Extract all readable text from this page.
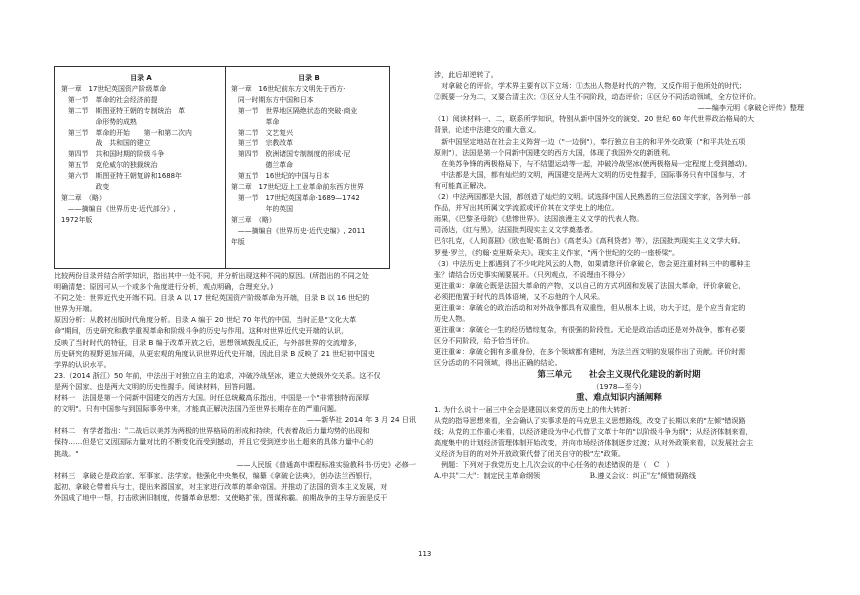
目录 A
第一章　17世纪英国资产阶级革命
　第一节　革命的社会经济前提
　第二节　斯图亚特王朝的专制统治　革
　　　　　命形势的成熟
　第三节　革命的开始　　第一和第二次内
　　　　　战　共和国的建立
　第四节　共和国时期的阶级斗争
　第五节　克伦威尔的独裁统治
　第六节　斯图亚特王朝复辟和1688年
　　　　　政变
第二章　（略）
　——摘编自《世界历史·近代部分》,
1972年版
目录 B
第一章　16世纪前东方文明先于西方·
　同一时期东方中国和日本
　第一节　世界地区隔绝状态的突破·商业
　　　　　革命
　第二节　文艺复兴
　第三节　宗教改革
　第四节　欧洲诸国专制制度的形成·尼
　　　　　德兰革命
　第五节　16世纪的中国与日本
第二章　17世纪迈上工业革命前东西方世界
　第一节　17世纪英国革命·1689—1742
　　　　　年的英国
第三章　（略）
　——摘编自《世界历史·近代史编》, 2011
年版
比较两份目录并结合所学知识，指出其中一处不同，并分析出现这种不同的原因。(所指出的不同之处
明确清楚；原因可从一个或多个角度进行分析，观点明确，合理充分。)
不同之处：世界近代史开端不同。目录 A 以 17 世纪英国资产阶级革命为开端，目录 B 以 16 世纪的
世界为开端。
原因分析：从教材出版时代角度分析。目录 A 编于 20 世纪 70 年代的中国，当时正是"文化大革
命"期间，历史研究和教学重视革命和阶级斗争的历史与作用。这种对世界近代史开端的认识，
反映了当时时代的特征，目录 B 编于改革开放之后，思想领域拨乱反正，与外部世界的交流增多，
历史研究的视野更加开阔，从更宏观的角度认识世界近代史开端，因此目录 B 反映了 21 世纪初中国史
学界的认识水平。
23.（2014 浙江）50 年前，中法出于对独立自主的追求，冲破冷战坚冰，建立大使级外交关系。这不仅
是两个国家、也是两大文明的历史性握手。阅读材料，回答问题。
材料一　法国是第一个同新中国建交的西方大国。时任总统戴高乐指出，中国是一个"非常独特而深厚
的文明"。只有中国参与到国际事务中来，才能真正解决法国乃至世界长期存在的严重问题。
——新华社 2014 年 3 月 24 日讯
材料二　有学者指出："二战后以美苏为两极的世界格局的形成和持续，代表着战后力量均势的出现和
保持……但是它又因国际力量对比的不断变化而受到撼动，并且它受到逆步出土超来的具体力量中心的
挑战。"
——人民版《普通高中课程标准实验教科书·历史》必修一
材料三　拿破仑是政治家、军事家、法学家。他强化中央集权，编纂《拿破仑法典》，创办法兰西银行，
起初，拿破仑带着兵与士，提出来源国家，对主家进行改革的革命帝国。并推动了法国的资本主义发展，对
外国成了地中一帮，打击欧洲旧制度，传播革命思想；又使略扩张，图谋称霸。前期战争的主导方面是反干
涉，此后却逆转了。
　对拿破仑的评价，学术界主要有以下立场：①杰出人物是时代的产物，又反作用于他所处的时代；
②既要一分为二，又要合清主次；③区分人生不同阶段，动态评价；④区分不同活动领域，全方位评价。
——编李元明《拿破仑评传》整理
（1）阅读材料一、二，联系所学知识，特别从新中国外交的演变、20 世纪 60 年代世界政治格局的大
背景，论述中法建交的重大意义。
　新中国坚定地站在社会主义阵营一边（"一边倒"），奉行独立自主的和平外交政策（"和平共处五项
原则"），法国是第一个同新中国建交的西方大国，体现了我国外交的新胜利。
　在美苏争锋的两极格局下，与不结盟运动等一起，冲破冷战坚冰(使两极格局一定程度上受到撼动)。
　中法都是大国，都有灿烂的文明，两国建交是两大文明的历史性握手，国际事务只有中国参与，才
有可能真正解决。
（2）中法两国都是大国，都创造了灿烂的文明。试选择中国人民熟悉的三位法国文学家，各列举一部
作品，并写出其所属文学流派或评价其在文学史上的地位。
雨果，《巴黎圣母院》《悲惨世界》。法国浪漫主义文学的代表人物。
司汤达，《红与黑》，法国批判现实主义文学奠基者。
巴尔扎克，《人间喜剧》《欧也妮·葛朗台》《高老头》《高利贷者》等），法国批判现实主义文学大师。
罗曼·罗兰，《约翰·克里斯朵夫》。现实主义作家，"两个世纪的交的一座桥梁"。
（3）中法历史上都遇到了不少叱咤风云的人物，如果请您评价拿破仑，您会更注重材料三中的哪种主
张？请结合历史事实阐要展开。（只列观点，不说理由不得分）
更注重①：拿破仑既是法国大革命的产物，又以自己的方式巩固和发展了法国大革命，评价拿破仑，
必须把他置于时代的具体语境，又不忘他的个人风采。
更注重②：拿破仑的政治活动和对外战争都具有双重性，但从根本上说，功大于过，是个应当肯定的
历史人物。
更注重③：拿破仑一生的经历错综复杂，有很强的阶段性。无论是政治活动还是对外战争，都有必要
区分不同阶段，给予恰当评价。
更注重④：拿破仑拥有多重身份，在多个领域都有建树，为法兰西文明的发展作出了贡献。评价时需
区分活动的不同领域，得出正确的结论。
第三单元　　社会主义现代化建设的新时期
（1978—至今）
重、难点知识内涵阐释
1. 为什么说十一届三中全会是建国以来党的历史上的伟大转折：
从党的指导思想来看，全会确认了实事求是的马克思主义思想路线，改变了长期以来的"左倾"错误路
线；从党的工作重心来看，以经济建设为中心代替了文革十年的"以阶级斗争为纲"；从经济体制来看，
高度集中的计划经济管理体制开始改变，并向市场经济体制逐步过渡；从对外政策来看，以发展社会主
义经济为目的的对外开放政策代替了闭关自守的极"左"政策。
　例题：下列对于我党历史上几次会议的中心任务的表述错误的是（　C　）
A.中共"二大"：制定民主革命纲领　　　　　　　B.遵义会议：纠正"左"倾错误路线
113
